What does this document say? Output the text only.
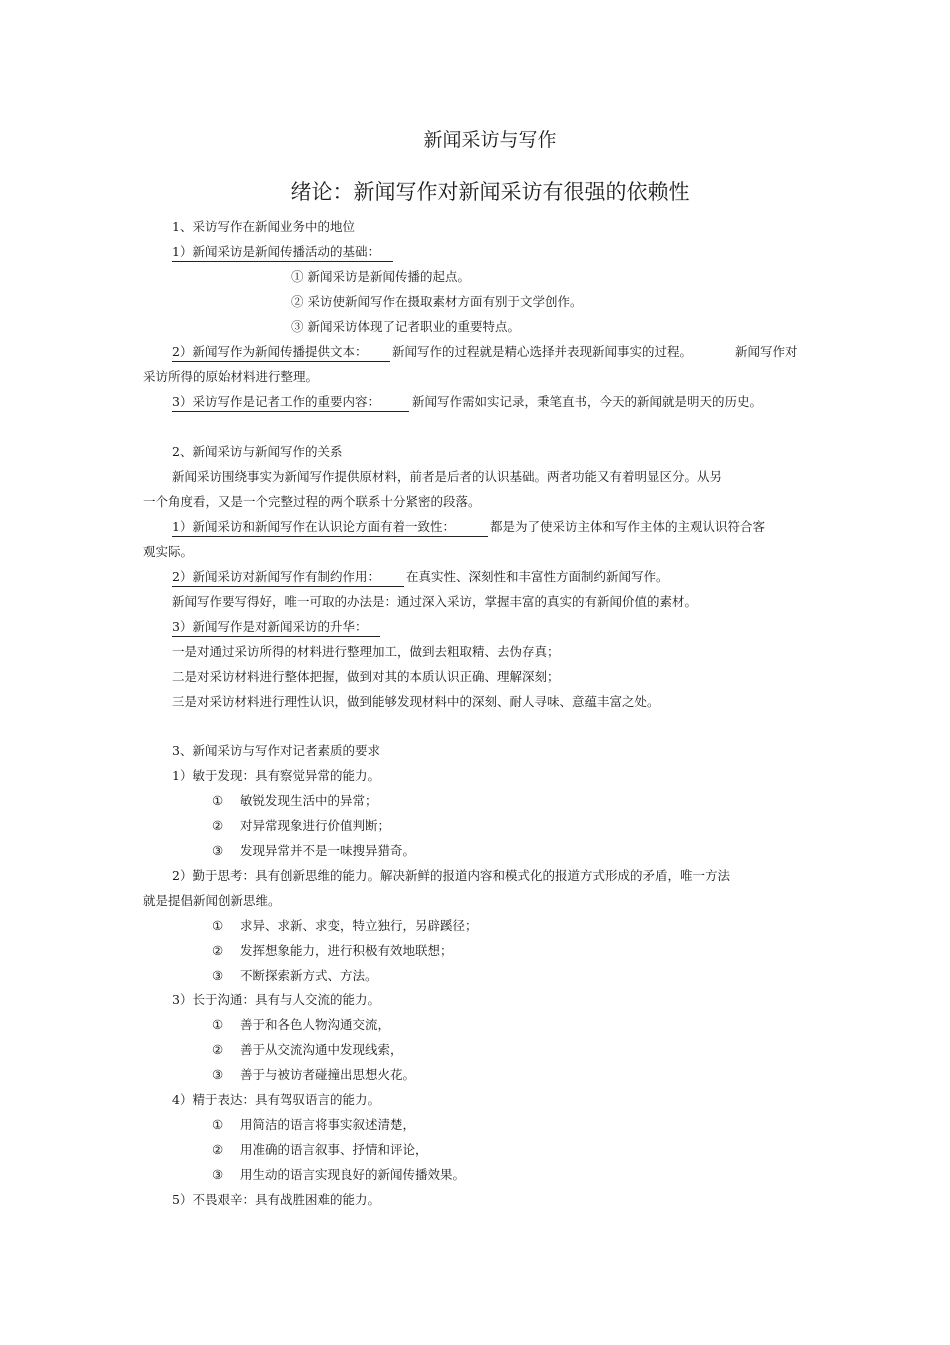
新闻采访与写作
绪论：新闻写作对新闻采访有很强的依赖性
1、采访写作在新闻业务中的地位
1）新闻采访是新闻传播活动的基础：
① 新闻采访是新闻传播的起点。
② 采访使新闻写作在摄取素材方面有别于文学创作。
③ 新闻采访体现了记者职业的重要特点。
2）新闻写作为新闻传播提供文本：	新闻写作的过程就是精心选择并表现新闻事实的过程。	新闻写作对
采访所得的原始材料进行整理。
3）采访写作是记者工作的重要内容：	新闻写作需如实记录，秉笔直书，今天的新闻就是明天的历史。
2、新闻采访与新闻写作的关系
新闻采访围绕事实为新闻写作提供原材料，前者是后者的认识基础。两者功能又有着明显区分。从另
一个角度看，又是一个完整过程的两个联系十分紧密的段落。
1）新闻采访和新闻写作在认识论方面有着一致性：	都是为了使采访主体和写作主体的主观认识符合客
观实际。
2）新闻采访对新闻写作有制约作用：	在真实性、深刻性和丰富性方面制约新闻写作。
新闻写作要写得好，唯一可取的办法是：通过深入采访，掌握丰富的真实的有新闻价值的素材。
3）新闻写作是对新闻采访的升华：
一是对通过采访所得的材料进行整理加工，做到去粗取精、去伪存真；
二是对采访材料进行整体把握，做到对其的本质认识正确、理解深刻；
三是对采访材料进行理性认识，做到能够发现材料中的深刻、耐人寻味、意蕴丰富之处。
3、新闻采访与写作对记者素质的要求
1）敏于发现：具有察觉异常的能力。
① 敏锐发现生活中的异常；
② 对异常现象进行价值判断；
③ 发现异常并不是一味搜异猎奇。
2）勤于思考：具有创新思维的能力。解决新鲜的报道内容和模式化的报道方式形成的矛盾，唯一方法
就是提倡新闻创新思维。
① 求异、求新、求变，特立独行，另辟蹊径；
② 发挥想象能力，进行积极有效地联想；
③ 不断探索新方式、方法。
3）长于沟通：具有与人交流的能力。
① 善于和各色人物沟通交流，
② 善于从交流沟通中发现线索，
③ 善于与被访者碰撞出思想火花。
4）精于表达：具有驾驭语言的能力。
① 用简洁的语言将事实叙述清楚，
② 用准确的语言叙事、抒情和评论，
③ 用生动的语言实现良好的新闻传播效果。
5）不畏艰辛：具有战胜困难的能力。
